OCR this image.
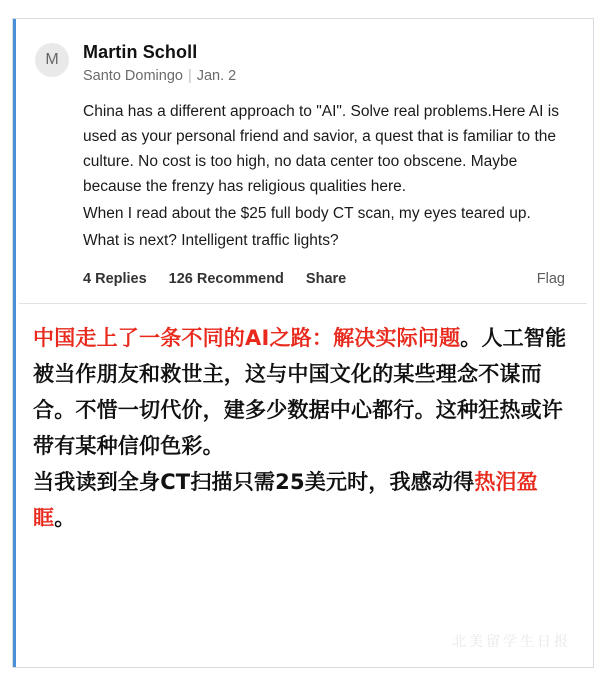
M	Martin Scholl
Santo Domingo | Jan. 2

China has a different approach to "AI". Solve real problems.Here AI is used as your personal friend and savior, a quest that is familiar to the culture. No cost is too high, no data center too obscene. Maybe because the frenzy has religious qualities here.

When I read about the $25 full body CT scan, my eyes teared up.

What is next? Intelligent traffic lights?

4 Replies 126 Recommend Share	Flag

中国走上了一条不同的AI之路：解决实际问题。人工智能被当作朋友和救世主，这与中国文化的某些理念不谋而合。不惜一切代价，建多少数据中心都行。这种狂热或许带有某种信仰色彩。

当我读到全身CT扫描只需25美元时，我感动得热泪盈眶。

北美留学生日报
